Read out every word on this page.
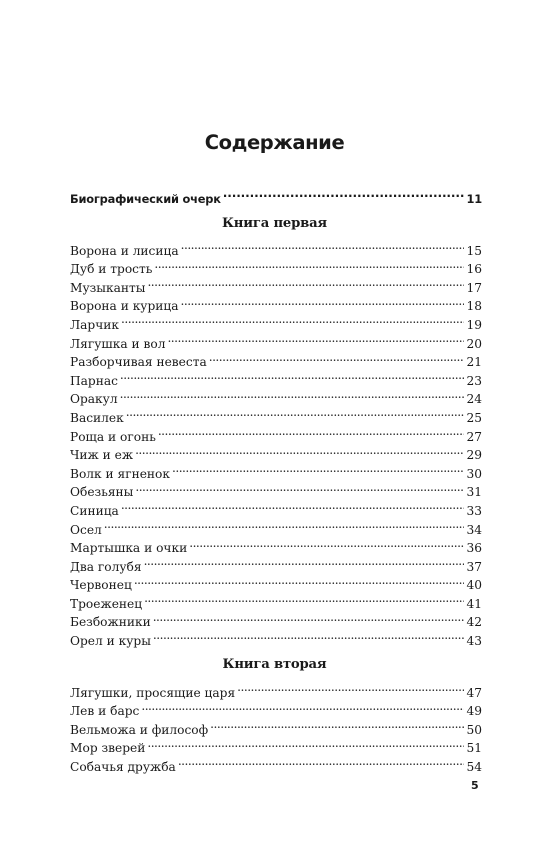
Содержание
Биографический очерк . . .	11
Книга первая
Ворона и лисица . . .	15
Дуб и трость . . .	16
Музыканты . . .	17
Ворона и курица . . .	18
Ларчик . . .	19
Лягушка и вол . . .	20
Разборчивая невеста . . .	21
Парнас . . .	23
Оракул . . .	24
Василек . . .	25
Роща и огонь . . .	27
Чиж и еж . . .	29
Волк и ягненок . . .	30
Обезьяны . . .	31
Синица . . .	33
Осел . . .	34
Мартышка и очки . . .	36
Два голубя . . .	37
Червонец . . .	40
Троеженец . . .	41
Безбожники . . .	42
Орел и куры . . .	43
Книга вторая
Лягушки, просящие царя . . .	47
Лев и барс . . .	49
Вельможа и философ . . .	50
Мор зверей . . .	51
Собачья дружба . . .	54
5
